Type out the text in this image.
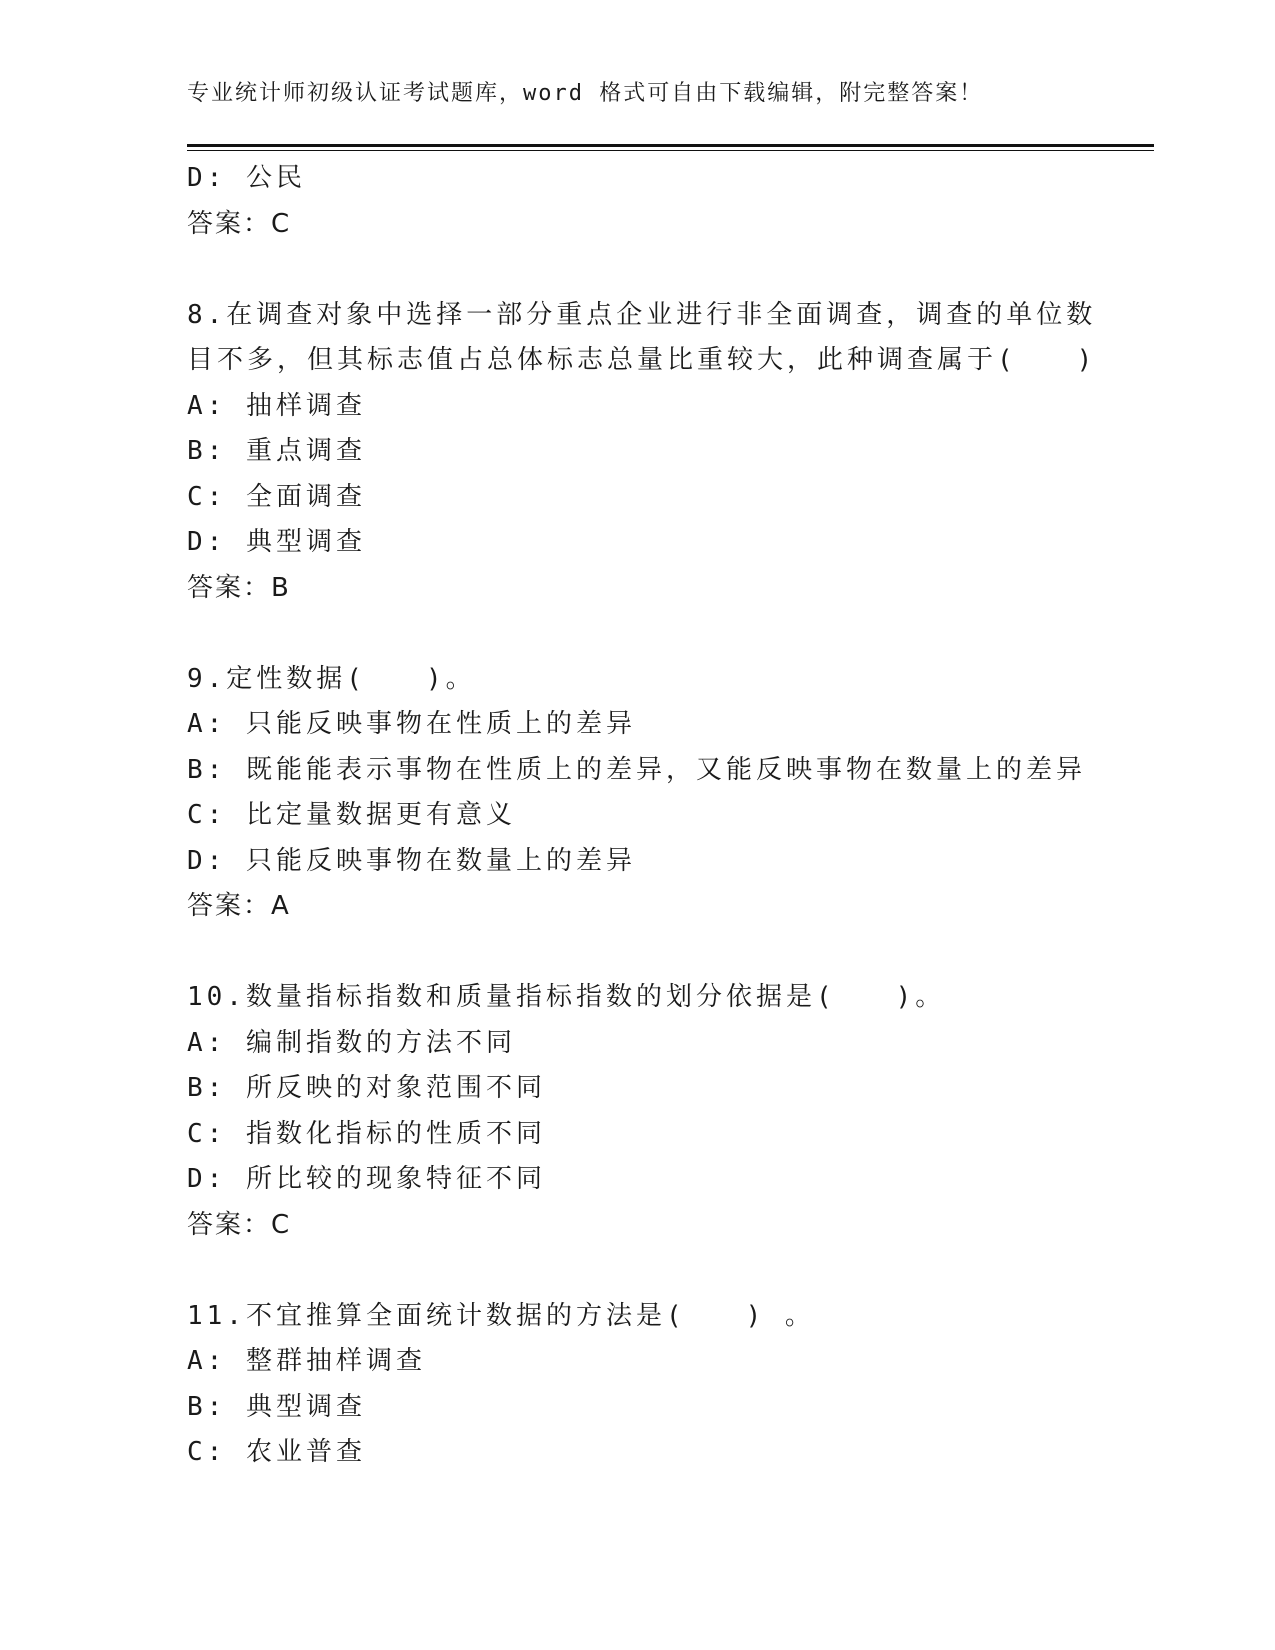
专业统计师初级认证考试题库，word 格式可自由下载编辑，附完整答案！
D: 公民
答案：C
8.在调查对象中选择一部分重点企业进行非全面调查，调查的单位数
目不多，但其标志值占总体标志总量比重较大，此种调查属于(　　)
A: 抽样调查
B: 重点调查
C: 全面调查
D: 典型调查
答案：B
9.定性数据(　　)。
A: 只能反映事物在性质上的差异
B: 既能能表示事物在性质上的差异，又能反映事物在数量上的差异
C: 比定量数据更有意义
D: 只能反映事物在数量上的差异
答案：A
10.数量指标指数和质量指标指数的划分依据是(　　)。
A: 编制指数的方法不同
B: 所反映的对象范围不同
C: 指数化指标的性质不同
D: 所比较的现象特征不同
答案：C
11.不宜推算全面统计数据的方法是(　　) 。
A: 整群抽样调查
B: 典型调查
C: 农业普查
